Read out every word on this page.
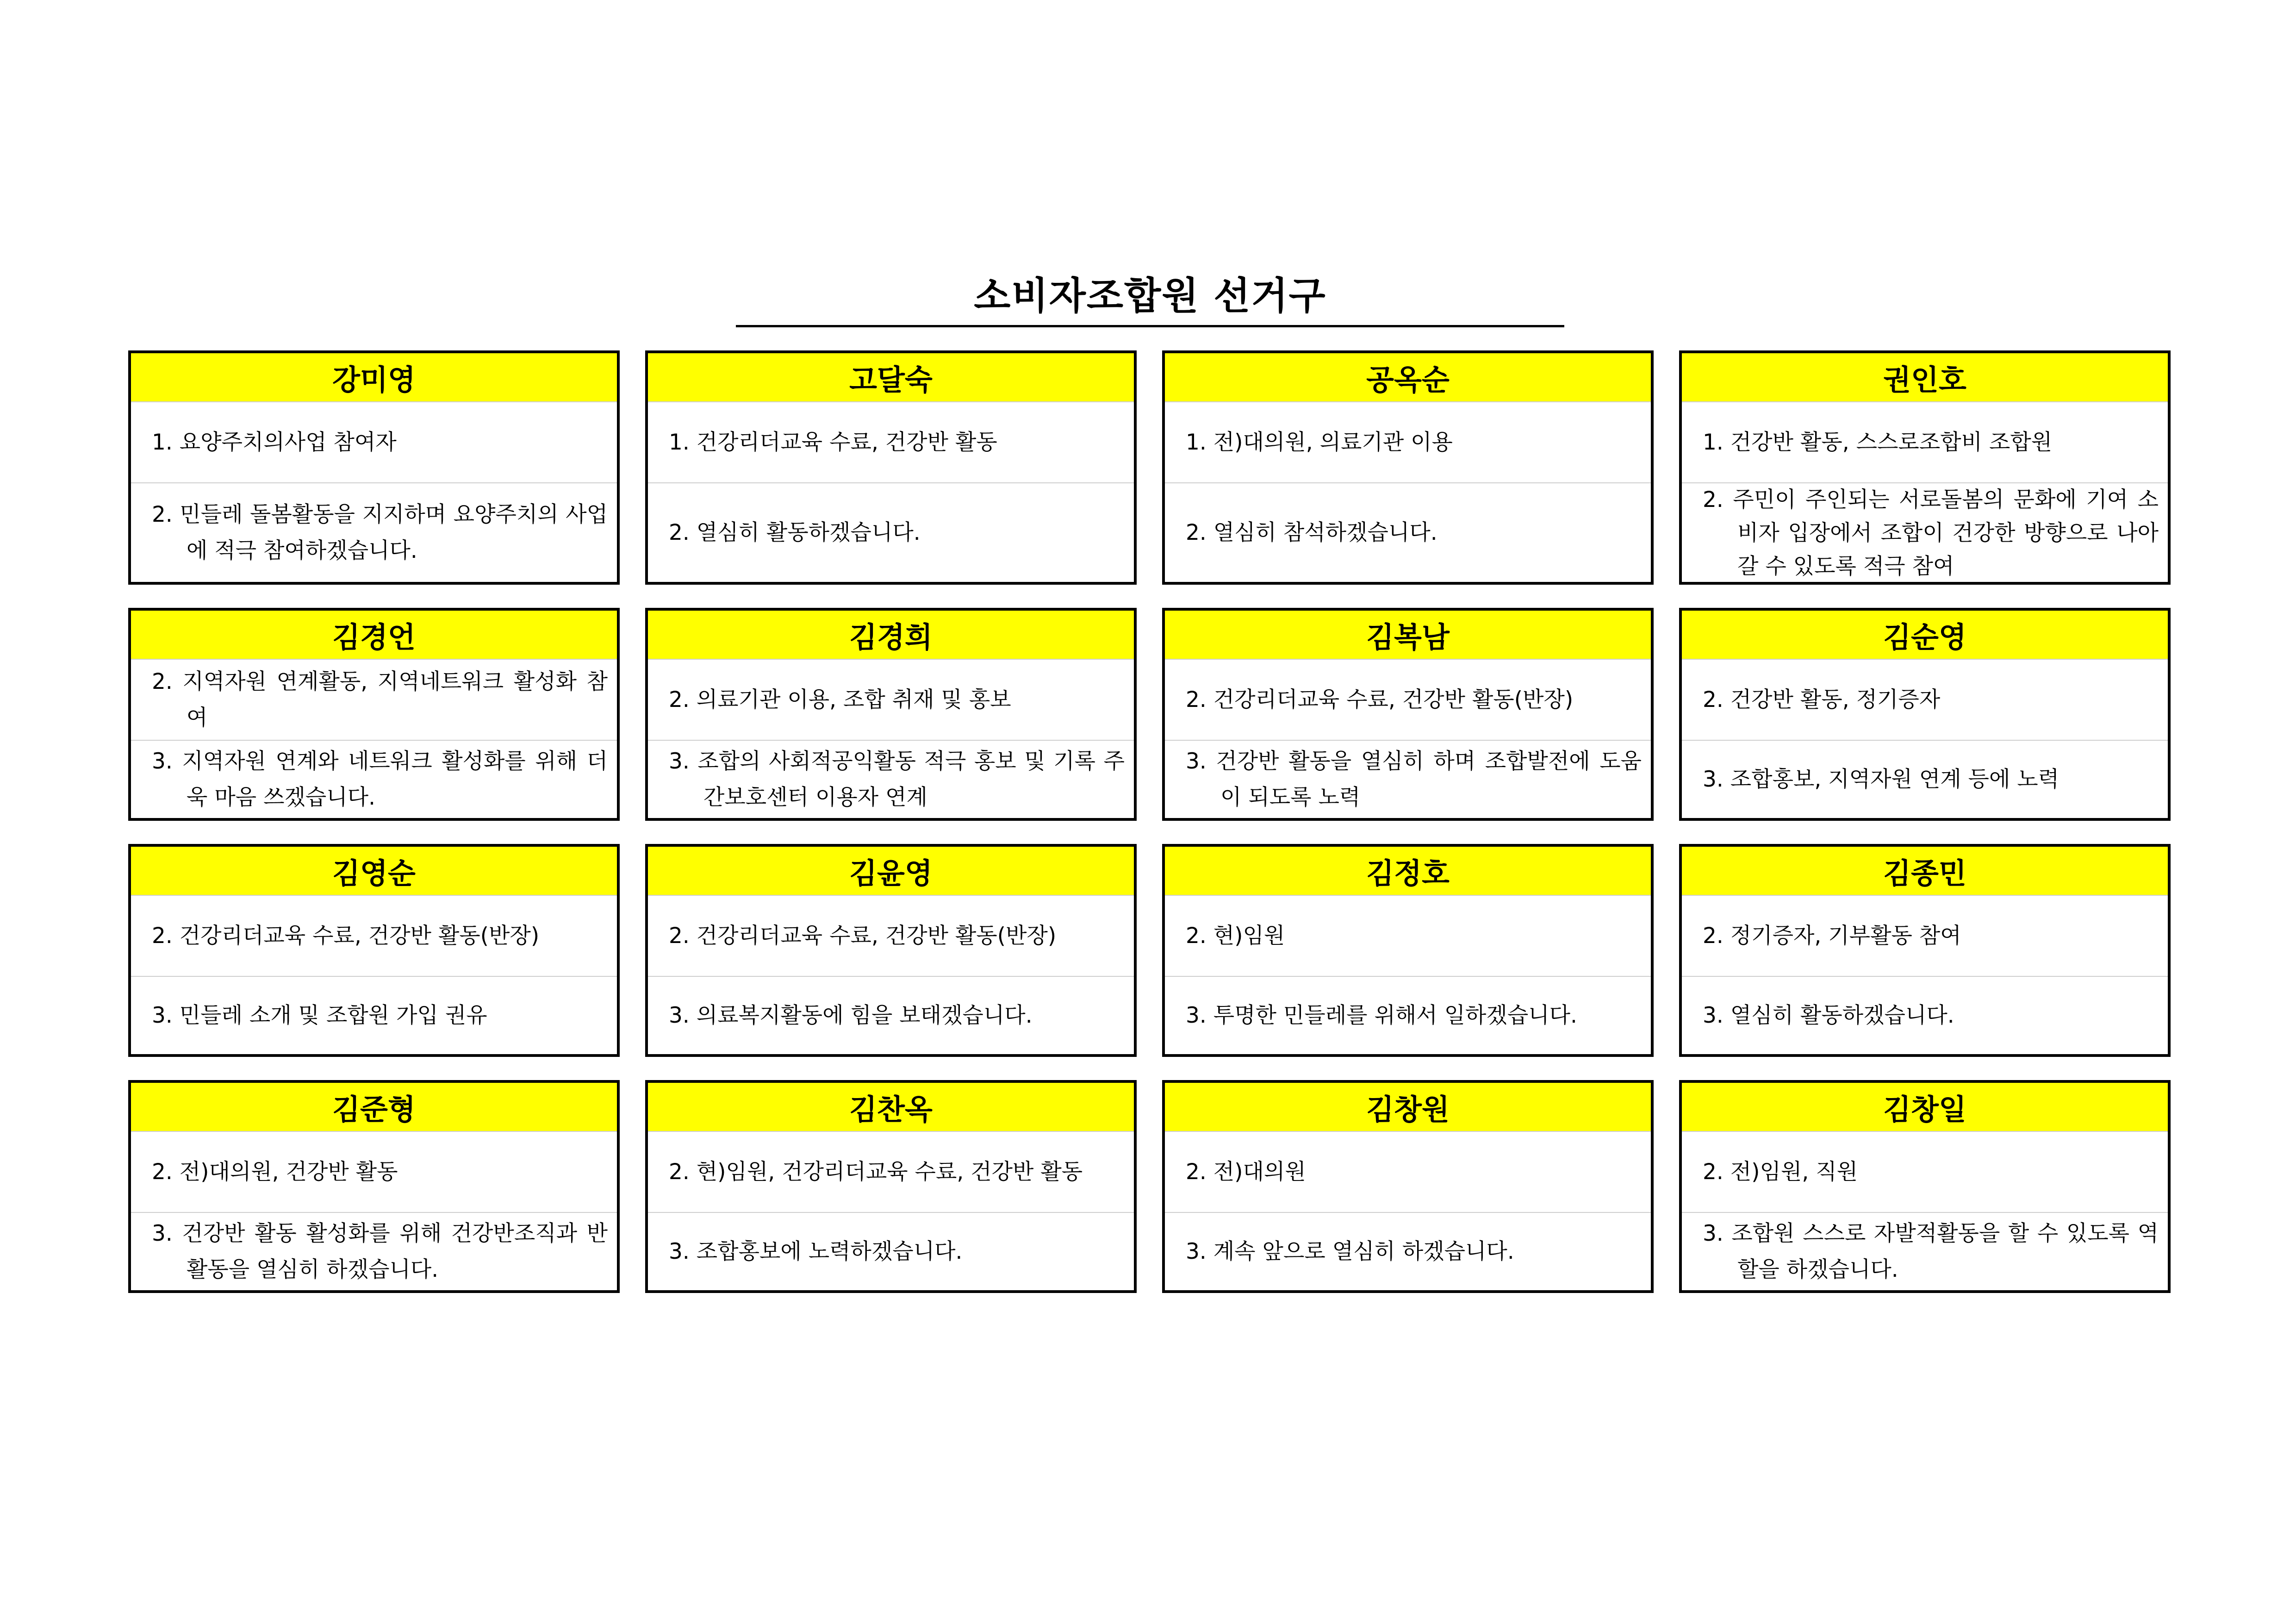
소비자조합원 선거구
강미영
1. 요양주치의사업 참여자
2. 민들레 돌봄활동을 지지하며 요양주치의 사업에 적극 참여하겠습니다.
고달숙
1. 건강리더교육 수료, 건강반 활동
2. 열심히 활동하겠습니다.
공옥순
1. 전)대의원, 의료기관 이용
2. 열심히 참석하겠습니다.
권인호
1. 건강반 활동, 스스로조합비 조합원
2. 주민이 주인되는 서로돌봄의 문화에 기여 소비자 입장에서 조합이 건강한 방향으로 나아갈 수 있도록 적극 참여
김경언
2. 지역자원 연계활동, 지역네트워크 활성화 참여
3. 지역자원 연계와 네트워크 활성화를 위해 더욱 마음 쓰겠습니다.
김경희
2. 의료기관 이용, 조합 취재 및 홍보
3. 조합의 사회적공익활동 적극 홍보 및 기록 주간보호센터 이용자 연계
김복남
2. 건강리더교육 수료, 건강반 활동(반장)
3. 건강반 활동을 열심히 하며 조합발전에 도움이 되도록 노력
김순영
2. 건강반 활동, 정기증자
3. 조합홍보, 지역자원 연계 등에 노력
김영순
2. 건강리더교육 수료, 건강반 활동(반장)
3. 민들레 소개 및 조합원 가입 권유
김윤영
2. 건강리더교육 수료, 건강반 활동(반장)
3. 의료복지활동에 힘을 보태겠습니다.
김정호
2. 현)임원
3. 투명한 민들레를 위해서 일하겠습니다.
김종민
2. 정기증자, 기부활동 참여
3. 열심히 활동하겠습니다.
김준형
2. 전)대의원, 건강반 활동
3. 건강반 활동 활성화를 위해 건강반조직과 반 활동을 열심히 하겠습니다.
김찬옥
2. 현)임원, 건강리더교육 수료, 건강반 활동
3. 조합홍보에 노력하겠습니다.
김창원
2. 전)대의원
3. 계속 앞으로 열심히 하겠습니다.
김창일
2. 전)임원, 직원
3. 조합원 스스로 자발적활동을 할 수 있도록 역할을 하겠습니다.
